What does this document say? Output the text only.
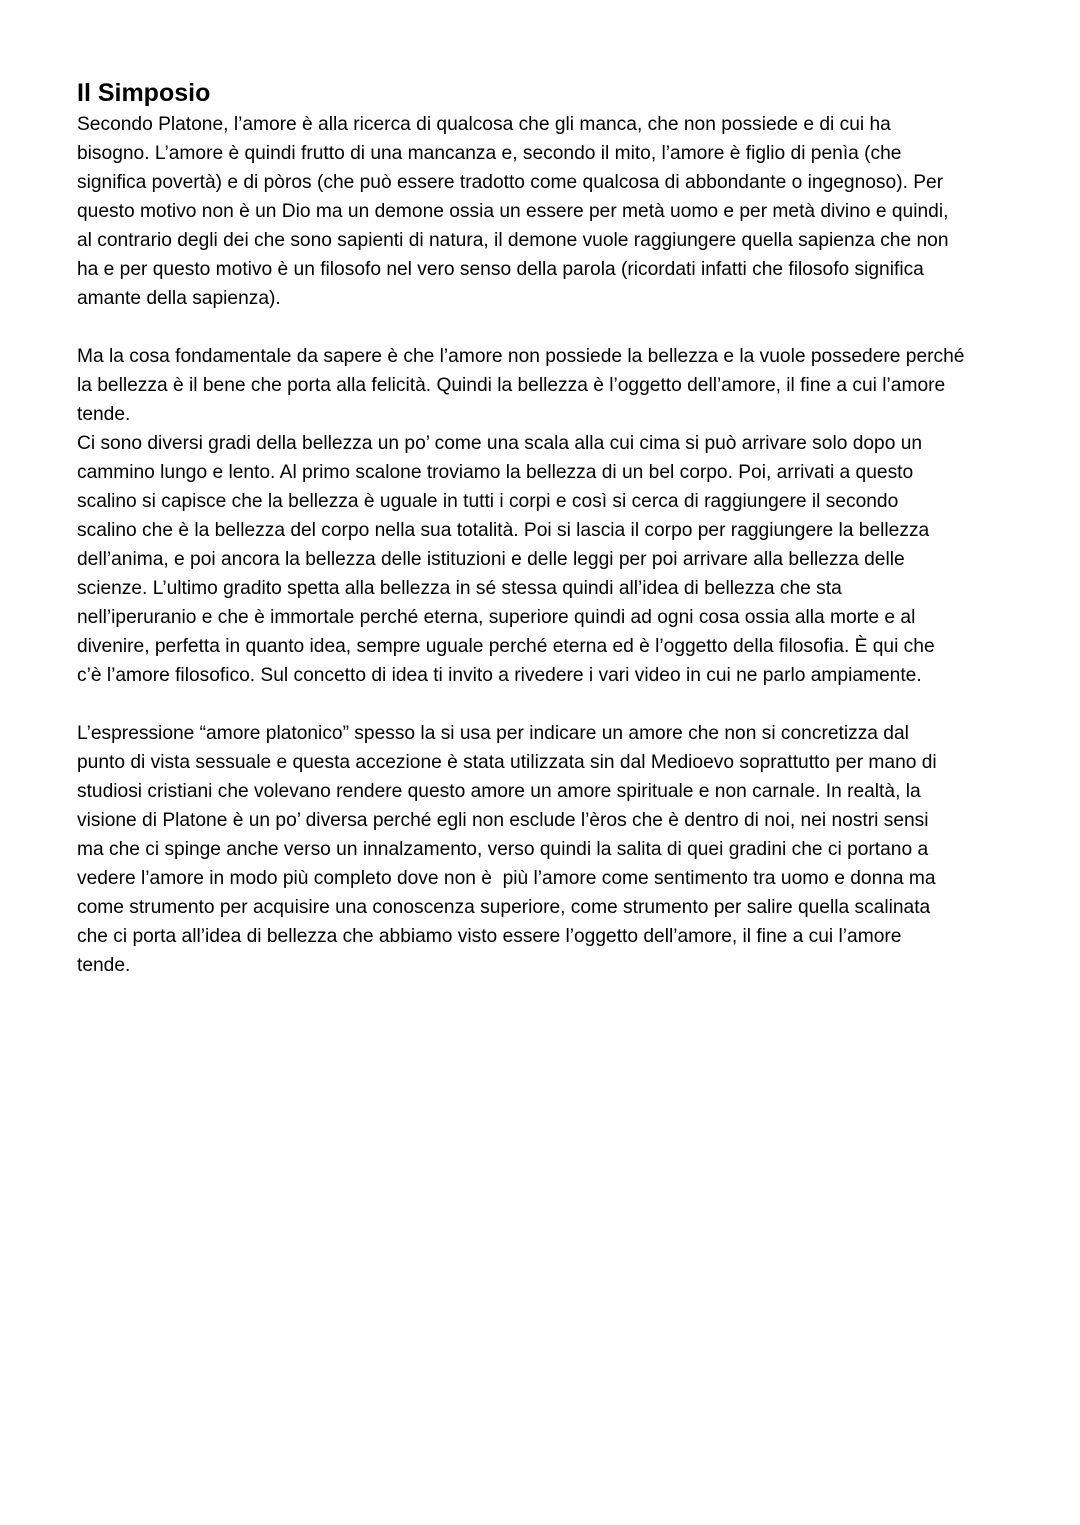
Il Simposio

Secondo Platone, l’amore è alla ricerca di qualcosa che gli manca, che non possiede e di cui ha
bisogno. L’amore è quindi frutto di una mancanza e, secondo il mito, l’amore è figlio di penìa (che
significa povertà) e di pòros (che può essere tradotto come qualcosa di abbondante o ingegnoso). Per
questo motivo non è un Dio ma un demone ossia un essere per metà uomo e per metà divino e quindi,
al contrario degli dei che sono sapienti di natura, il demone vuole raggiungere quella sapienza che non
ha e per questo motivo è un filosofo nel vero senso della parola (ricordati infatti che filosofo significa
amante della sapienza).

Ma la cosa fondamentale da sapere è che l’amore non possiede la bellezza e la vuole possedere perché
la bellezza è il bene che porta alla felicità. Quindi la bellezza è l’oggetto dell’amore, il fine a cui l’amore
tende.

Ci sono diversi gradi della bellezza un po’ come una scala alla cui cima si può arrivare solo dopo un
cammino lungo e lento. Al primo scalone troviamo la bellezza di un bel corpo. Poi, arrivati a questo
scalino si capisce che la bellezza è uguale in tutti i corpi e così si cerca di raggiungere il secondo
scalino che è la bellezza del corpo nella sua totalità. Poi si lascia il corpo per raggiungere la bellezza
dell’anima, e poi ancora la bellezza delle istituzioni e delle leggi per poi arrivare alla bellezza delle
scienze. L’ultimo gradito spetta alla bellezza in sé stessa quindi all’idea di bellezza che sta
nell’iperuranio e che è immortale perché eterna, superiore quindi ad ogni cosa ossia alla morte e al
divenire, perfetta in quanto idea, sempre uguale perché eterna ed è l’oggetto della filosofia. È qui che
c’è l’amore filosofico. Sul concetto di idea ti invito a rivedere i vari video in cui ne parlo ampiamente.

L’espressione “amore platonico” spesso la si usa per indicare un amore che non si concretizza dal
punto di vista sessuale e questa accezione è stata utilizzata sin dal Medioevo soprattutto per mano di
studiosi cristiani che volevano rendere questo amore un amore spirituale e non carnale. In realtà, la
visione di Platone è un po’ diversa perché egli non esclude l’èros che è dentro di noi, nei nostri sensi
ma che ci spinge anche verso un innalzamento, verso quindi la salita di quei gradini che ci portano a
vedere l’amore in modo più completo dove non è  più l’amore come sentimento tra uomo e donna ma
come strumento per acquisire una conoscenza superiore, come strumento per salire quella scalinata
che ci porta all’idea di bellezza che abbiamo visto essere l’oggetto dell’amore, il fine a cui l’amore
tende.
